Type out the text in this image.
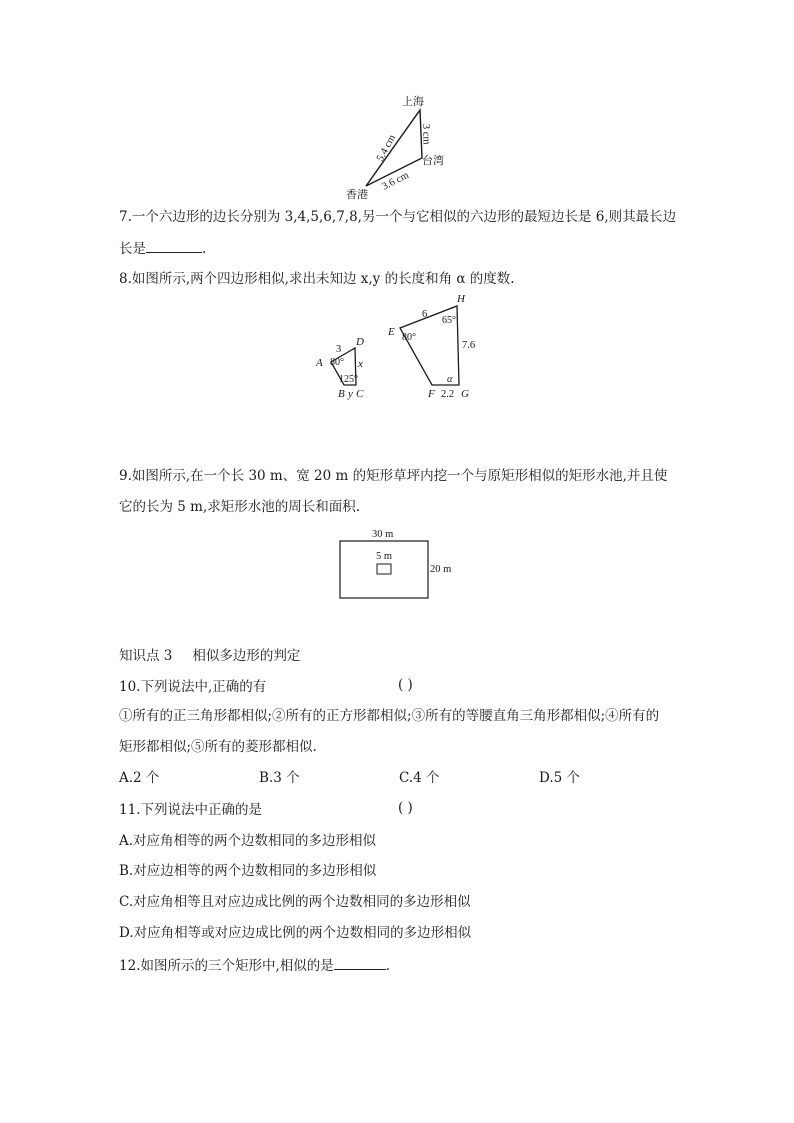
上海
台湾
香港
5.4 cm 3 cm
3.6 cm
7.一个六边形的边长分别为 3,4,5,6,7,8,另一个与它相似的六边形的最短边长是 6,则其最长边
长是	.
8.如图所示,两个四边形相似,求出未知边 x,y 的长度和角 α 的度数.
A
D
B C
3
80°
125°
x
y
E
H
F G
6
80°
65°
7.6
2.2
α
9.如图所示,在一个长 30 m、宽 20 m 的矩形草坪内挖一个与原矩形相似的矩形水池,并且使
它的长为 5 m,求矩形水池的周长和面积.
30 m
20 m
5 m
知识点 3 相似多边形的判定
10.下列说法中,正确的有	( )
①所有的正三角形都相似;②所有的正方形都相似;③所有的等腰直角三角形都相似;④所有的
矩形都相似;⑤所有的菱形都相似.
A.2 个	B.3 个	C.4 个	D.5 个
11.下列说法中正确的是	( )
A.对应角相等的两个边数相同的多边形相似
B.对应边相等的两个边数相同的多边形相似
C.对应角相等且对应边成比例的两个边数相同的多边形相似
D.对应角相等或对应边成比例的两个边数相同的多边形相似
12.如图所示的三个矩形中,相似的是	.
